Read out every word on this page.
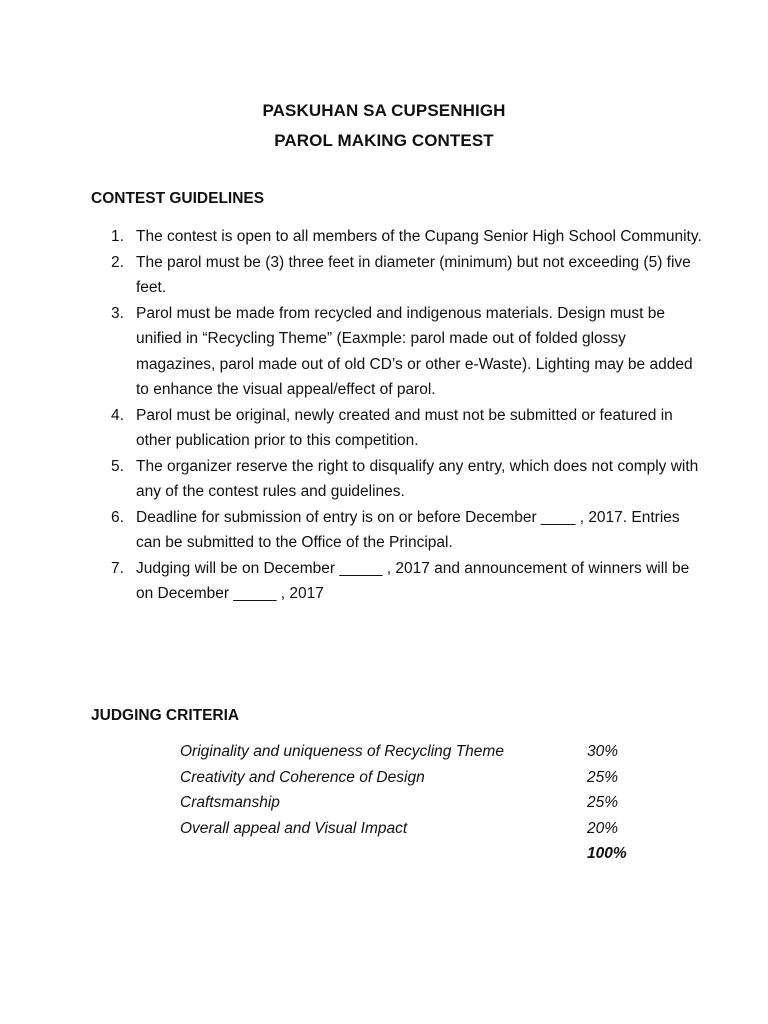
PASKUHAN SA CUPSENHIGH
PAROL MAKING CONTEST
CONTEST GUIDELINES
1. The contest is open to all members of the Cupang Senior High School Community.
2. The parol must be (3) three feet in diameter (minimum) but not exceeding (5) five feet.
3. Parol must be made from recycled and indigenous materials. Design must be unified in “Recycling Theme” (Eaxmple: parol made out of folded glossy magazines, parol made out of old CD’s or other e-Waste). Lighting may be added to enhance the visual appeal/effect of parol.
4. Parol must be original, newly created and must not be submitted or featured in other publication prior to this competition.
5. The organizer reserve the right to disqualify any entry, which does not comply with any of the contest rules and guidelines.
6. Deadline for submission of entry is on or before December ____ , 2017. Entries can be submitted to the Office of the Principal.
7. Judging will be on December _____ , 2017 and announcement of winners will be on December _____ , 2017
JUDGING CRITERIA
Originality and uniqueness of Recycling Theme	30%
Creativity and Coherence of Design	25%
Craftsmanship	25%
Overall appeal and Visual Impact	20%
100%
